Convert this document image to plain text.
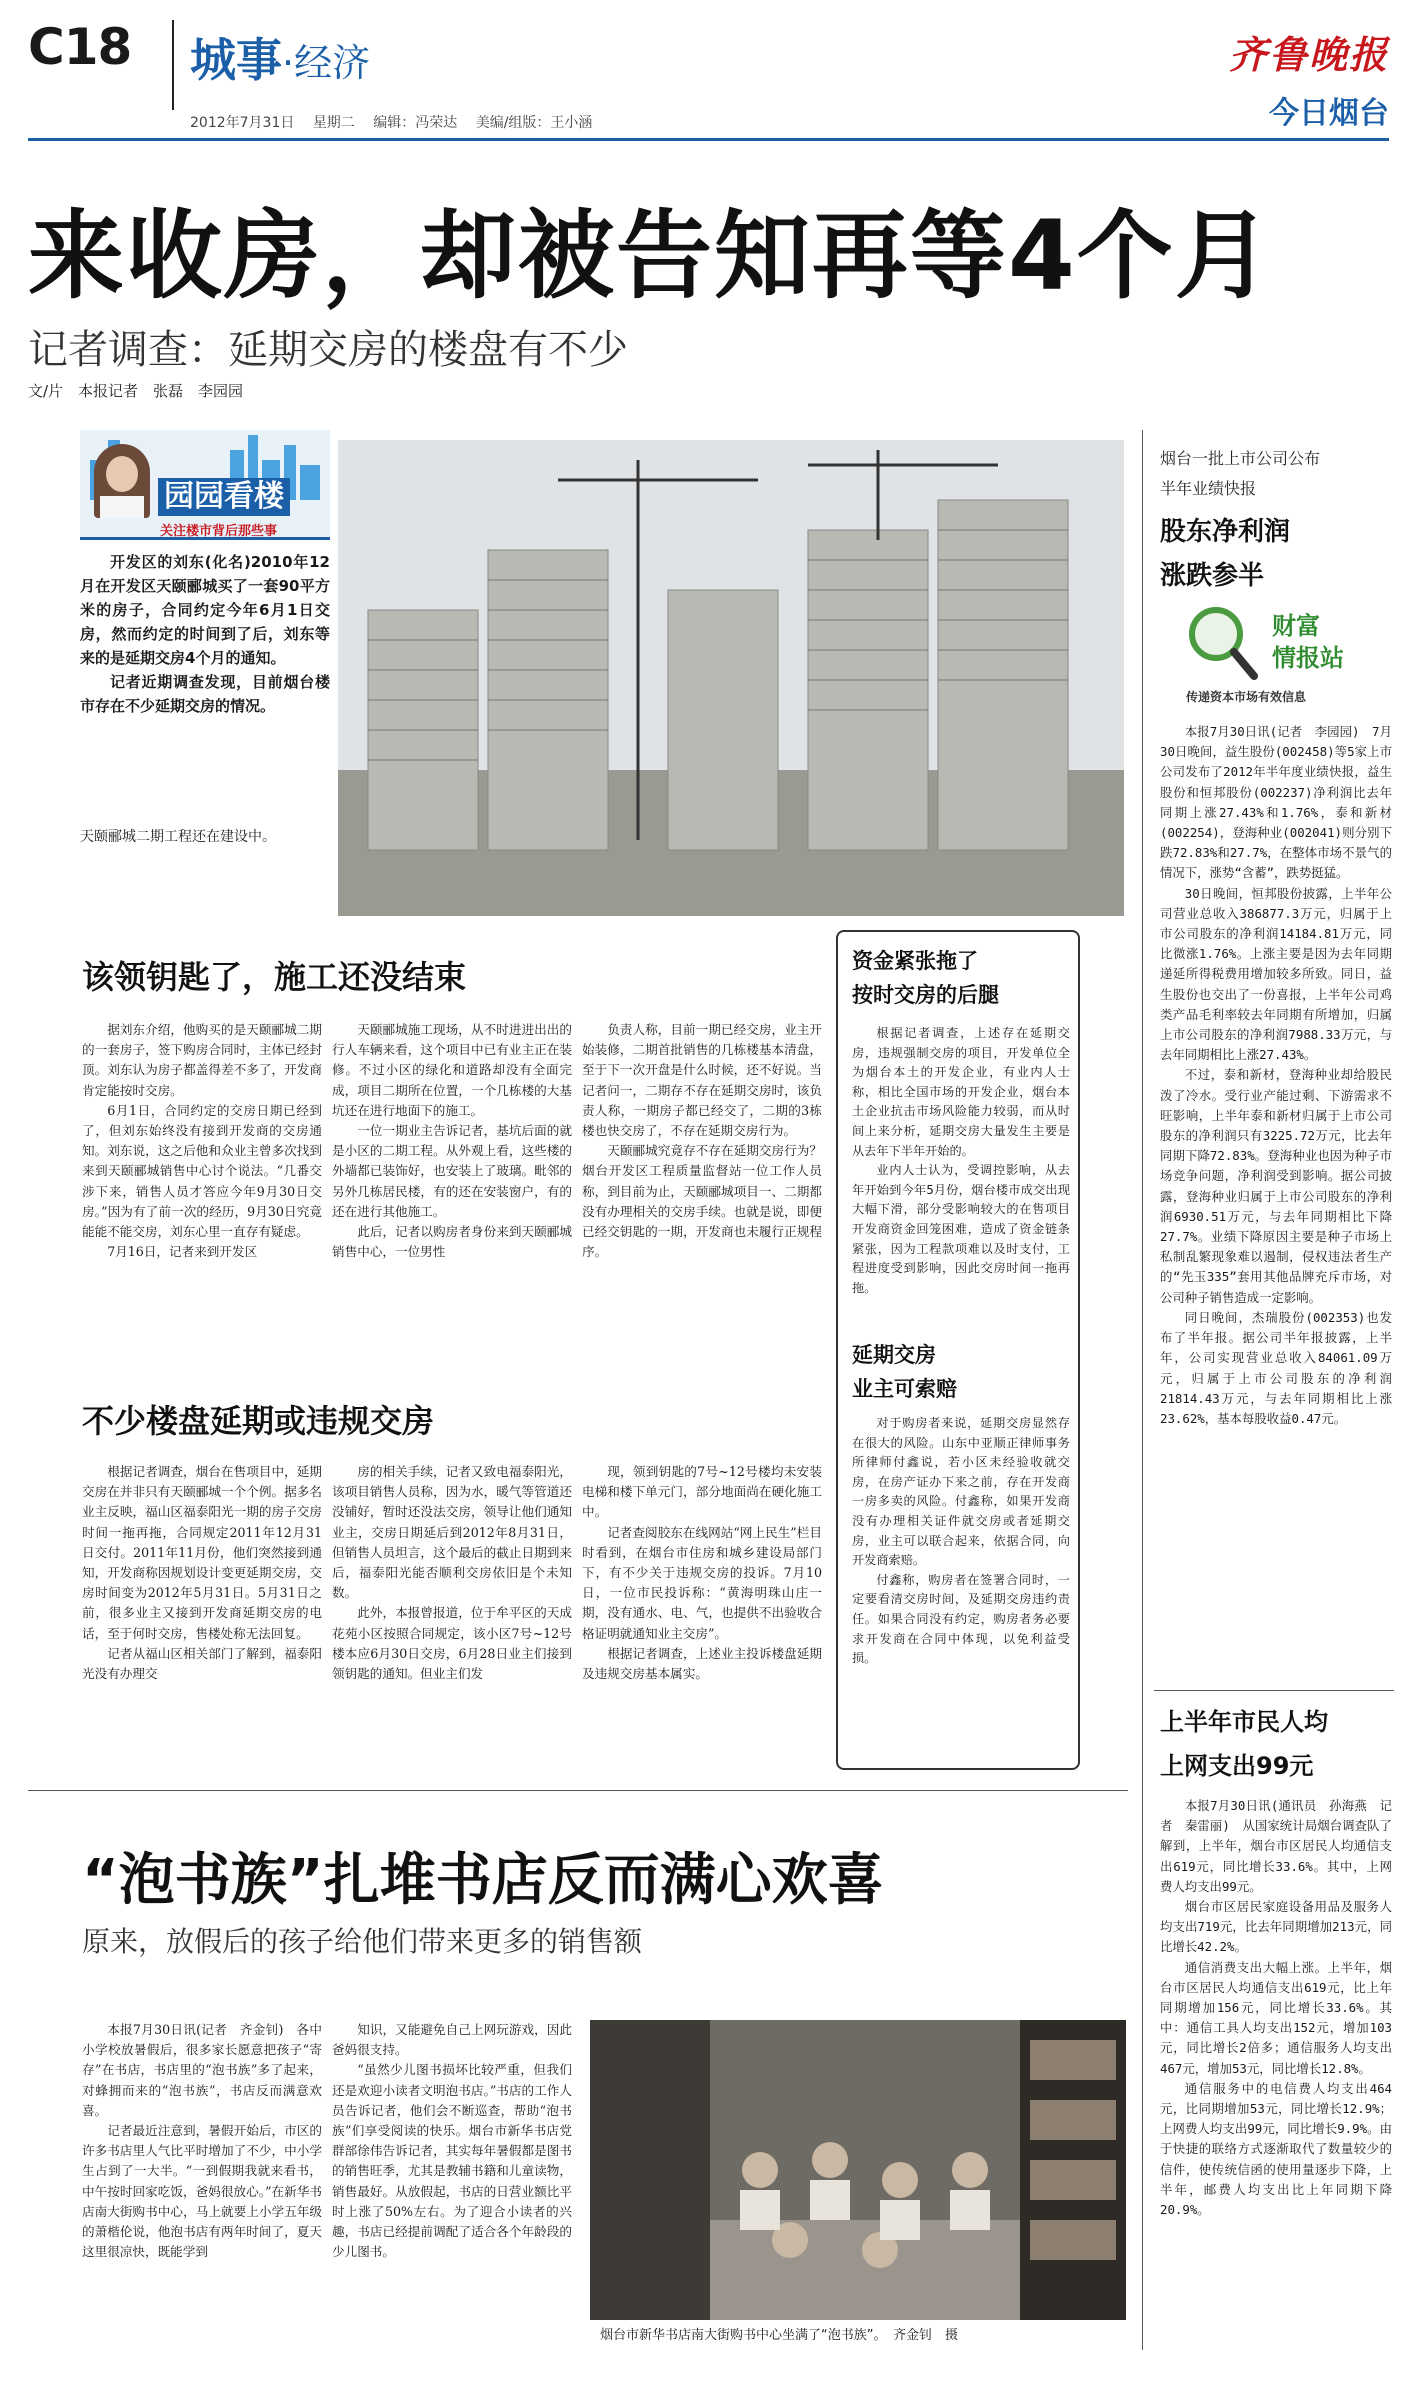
C18 城事·经济
2012年7月31日　 星期二　 编辑：冯荣达　 美编/组版：王小涵
齐鲁晚报
今日烟台
来收房，却被告知再等4个月
记者调查：延期交房的楼盘有不少
文/片　本报记者　张磊　李园园
园园看楼
关注楼市背后那些事

开发区的刘东(化名)2010年12月在开发区天颐郦城买了一套90平方米的房子，合同约定今年6月1日交房，然而约定的时间到了后，刘东等来的是延期交房4个月的通知。

记者近期调查发现，目前烟台楼市存在不少延期交房的情况。

天颐郦城二期工程还在建设中。
该领钥匙了，施工还没结束

据刘东介绍，他购买的是天颐郦城二期的一套房子，签下购房合同时，主体已经封顶。刘东认为房子都盖得差不多了，开发商肯定能按时交房。

6月1日，合同约定的交房日期已经到了，但刘东始终没有接到开发商的交房通知。刘东说，这之后他和众业主曾多次找到来到天颐郦城销售中心讨个说法。“几番交涉下来，销售人员才答应今年9月30日交房。”因为有了前一次的经历，9月30日究竟能能不能交房，刘东心里一直存有疑虑。

7月16日，记者来到开发区

天颐郦城施工现场，从不时进进出出的行人车辆来看，这个项目中已有业主正在装修。不过小区的绿化和道路却没有全面完成，项目二期所在位置，一个几栋楼的大基坑还在进行地面下的施工。

一位一期业主告诉记者，基坑后面的就是小区的二期工程。从外观上看，这些楼的外墙都已装饰好，也安装上了玻璃。毗邻的另外几栋居民楼，有的还在安装窗户，有的还在进行其他施工。

此后，记者以购房者身份来到天颐郦城销售中心，一位男性

负责人称，目前一期已经交房，业主开始装修，二期首批销售的几栋楼基本清盘，至于下一次开盘是什么时候，还不好说。当记者问一，二期存不存在延期交房时，该负责人称，一期房子都已经交了，二期的3栋楼也快交房了，不存在延期交房行为。

天颐郦城究竟存不存在延期交房行为？烟台开发区工程质量监督站一位工作人员称，到目前为止，天颐郦城项目一、二期都没有办理相关的交房手续。也就是说，即便已经交钥匙的一期，开发商也未履行正规程序。

不少楼盘延期或违规交房

根据记者调查，烟台在售项目中，延期交房在并非只有天颐郦城一个个例。据多名业主反映，福山区福泰阳光一期的房子交房时间一拖再拖，合同规定2011年12月31日交付。2011年11月份，他们突然接到通知，开发商称因规划设计变更延期交房，交房时间变为2012年5月31日。5月31日之前，很多业主又接到开发商延期交房的电话，至于何时交房，售楼处称无法回复。

记者从福山区相关部门了解到，福泰阳光没有办理交

房的相关手续，记者又致电福泰阳光，该项目销售人员称，因为水，暖气等管道还没铺好，暂时还没法交房，领导让他们通知业主，交房日期延后到2012年8月31日，但销售人员坦言，这个最后的截止日期到来后，福泰阳光能否顺利交房依旧是个未知数。

此外，本报曾报道，位于牟平区的天成花苑小区按照合同规定，该小区7号~12号楼本应6月30日交房，6月28日业主们接到领钥匙的通知。但业主们发

现，领到钥匙的7号~12号楼均未安装电梯和楼下单元门，部分地面尚在硬化施工中。

记者查阅胶东在线网站“网上民生”栏目时看到，在烟台市住房和城乡建设局部门下，有不少关于违规交房的投诉。7月10日，一位市民投诉称：“黄海明珠山庄一期，没有通水、电、气，也提供不出验收合格证明就通知业主交房”。

根据记者调查，上述业主投诉楼盘延期及违规交房基本属实。

资金紧张拖了
按时交房的后腿

根据记者调查，上述存在延期交房，违规强制交房的项目，开发单位全为烟台本土的开发企业，有业内人士称，相比全国市场的开发企业，烟台本土企业抗击市场风险能力较弱，而从时间上来分析，延期交房大量发生主要是从去年下半年开始的。

业内人士认为，受调控影响，从去年开始到今年5月份，烟台楼市成交出现大幅下滑，部分受影响较大的在售项目开发商资金回笼困难，造成了资金链条紧张，因为工程款项难以及时支付，工程进度受到影响，因此交房时间一拖再拖。

延期交房
业主可索赔

对于购房者来说，延期交房显然存在很大的风险。山东中亚顺正律师事务所律师付鑫说，若小区未经验收就交房，在房产证办下来之前，存在开发商一房多卖的风险。付鑫称，如果开发商没有办理相关证件就交房或者延期交房，业主可以联合起来，依据合同，向开发商索赔。

付鑫称，购房者在签署合同时，一定要看清交房时间，及延期交房违约责任。如果合同没有约定，购房者务必要求开发商在合同中体现，以免利益受损。

烟台一批上市公司公布
半年业绩快报
股东净利润
涨跌参半
财富
情报站
传递资本市场有效信息

本报7月30日讯(记者　李园园)　7月30日晚间，益生股份(002458)等5家上市公司发布了2012年半年度业绩快报，益生股份和恒邦股份(002237)净利润比去年同期上涨27.43%和1.76%，泰和新材(002254)，登海种业(002041)则分别下跌72.83%和27.7%，在整体市场不景气的情况下，涨势“含蓄”，跌势挺猛。

30日晚间，恒邦股份披露，上半年公司营业总收入386877.3万元，归属于上市公司股东的净利润14184.81万元，同比微涨1.76%。上涨主要是因为去年同期递延所得税费用增加较多所致。同日，益生股份也交出了一份喜报，上半年公司鸡类产品毛利率较去年同期有所增加，归属上市公司股东的净利润7988.33万元，与去年同期相比上涨27.43%。

不过，泰和新材，登海种业却给股民泼了冷水。受行业产能过剩、下游需求不旺影响，上半年泰和新材归属于上市公司股东的净利润只有3225.72万元，比去年同期下降72.83%。登海种业也因为种子市场竞争问题，净利润受到影响。据公司披露，登海种业归属于上市公司股东的净利润6930.51万元，与去年同期相比下降27.7%。业绩下降原因主要是种子市场上私制乱繁现象难以遏制，侵权违法者生产的“先玉335”套用其他品牌充斥市场，对公司种子销售造成一定影响。

同日晚间，杰瑞股份(002353)也发布了半年报。据公司半年报披露，上半年，公司实现营业总收入84061.09万元，归属于上市公司股东的净利润21814.43万元，与去年同期相比上涨23.62%，基本每股收益0.47元。

上半年市民人均
上网支出99元

本报7月30日讯(通讯员　孙海燕　记者　秦雷丽)　从国家统计局烟台调查队了解到，上半年，烟台市区居民人均通信支出619元，同比增长33.6%。其中，上网费人均支出99元。

烟台市区居民家庭设备用品及服务人均支出719元，比去年同期增加213元，同比增长42.2%。

通信消费支出大幅上涨。上半年，烟台市区居民人均通信支出619元，比上年同期增加156元，同比增长33.6%。其中：通信工具人均支出152元，增加103元，同比增长2倍多；通信服务人均支出467元，增加53元，同比增长12.8%。

通信服务中的电信费人均支出464元，比同期增加53元，同比增长12.9%；上网费人均支出99元，同比增长9.9%。由于快捷的联络方式逐渐取代了数量较少的信件，使传统信函的使用量逐步下降，上半年，邮费人均支出比上年同期下降20.9%。

“泡书族”扎堆书店反而满心欢喜
原来，放假后的孩子给他们带来更多的销售额

本报7月30日讯(记者　齐金钊)　各中小学校放暑假后，很多家长愿意把孩子“寄存”在书店，书店里的“泡书族”多了起来，对蜂拥而来的“泡书族”，书店反而满意欢喜。

记者最近注意到，暑假开始后，市区的许多书店里人气比平时增加了不少，中小学生占到了一大半。“一到假期我就来看书，中午按时回家吃饭，爸妈很放心。”在新华书店南大街购书中心，马上就要上小学五年级的萧楷伦说，他泡书店有两年时间了，夏天这里很凉快，既能学到

知识，又能避免自己上网玩游戏，因此爸妈很支持。

“虽然少儿图书损坏比较严重，但我们还是欢迎小读者文明泡书店。”书店的工作人员告诉记者，他们会不断巡查，帮助“泡书族”们享受阅读的快乐。烟台市新华书店党群部徐伟告诉记者，其实每年暑假都是图书的销售旺季，尤其是教辅书籍和儿童读物，销售最好。从放假起，书店的日营业额比平时上涨了50%左右。为了迎合小读者的兴趣，书店已经提前调配了适合各个年龄段的少儿图书。

烟台市新华书店南大街购书中心坐满了“泡书族”。　齐金钊　摄
